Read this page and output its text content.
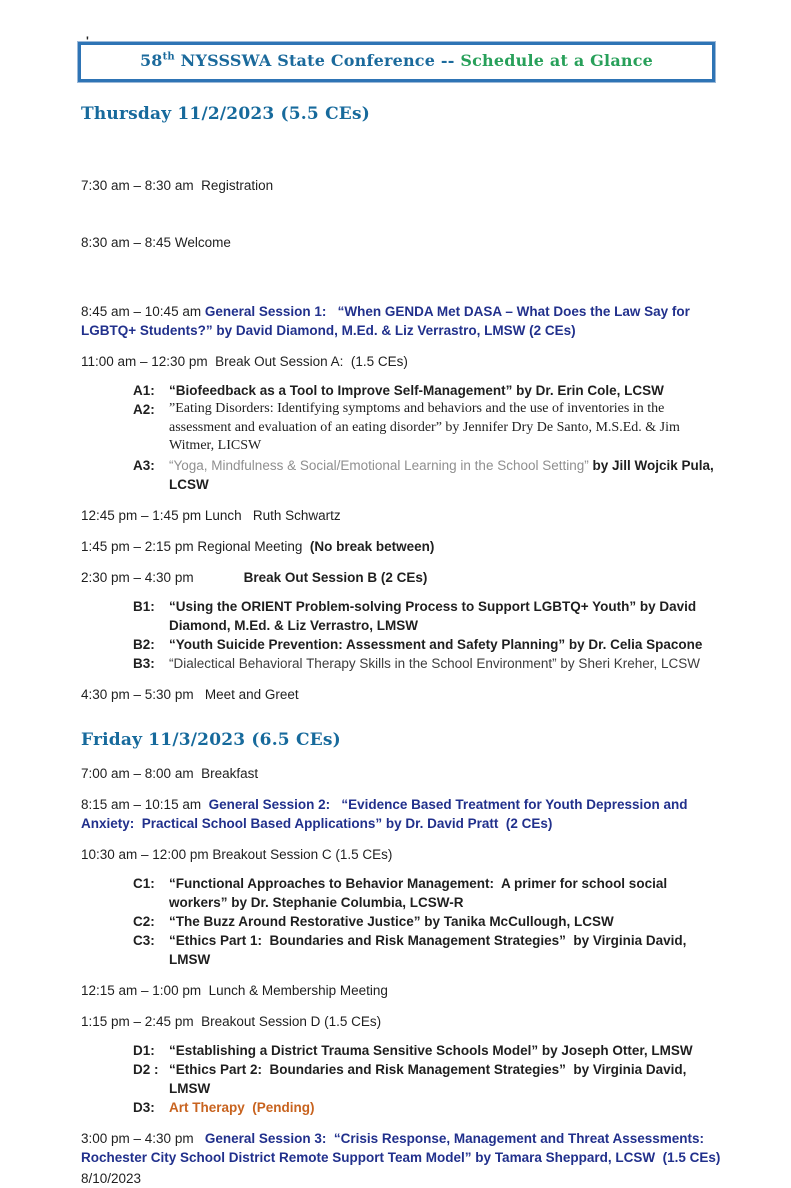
'
58th NYSSSWA State Conference -- Schedule at a Glance
Thursday 11/2/2023 (5.5 CEs)

7:30 am – 8:30 am  Registration

8:30 am – 8:45 Welcome

8:45 am – 10:45 am General Session 1:   “When GENDA Met DASA – What Does the Law Say for LGBTQ+ Students?” by David Diamond, M.Ed. & Liz Verrastro, LMSW (2 CEs)

11:00 am – 12:30 pm  Break Out Session A:  (1.5 CEs)

A1:	“Biofeedback as a Tool to Improve Self-Management” by Dr. Erin Cole, LCSW
A2:	”Eating Disorders: Identifying symptoms and behaviors and the use of inventories in the assessment and evaluation of an eating disorder” by Jennifer Dry De Santo, M.S.Ed. & Jim Witmer, LICSW
A3:	“Yoga, Mindfulness & Social/Emotional Learning in the School Setting” by Jill Wojcik Pula, LCSW

12:45 pm – 1:45 pm Lunch   Ruth Schwartz

1:45 pm – 2:15 pm Regional Meeting  (No break between)

2:30 pm – 4:30 pm	Break Out Session B (2 CEs)

B1:	“Using the ORIENT Problem-solving Process to Support LGBTQ+ Youth” by David Diamond, M.Ed. & Liz Verrastro, LMSW
B2:	“Youth Suicide Prevention: Assessment and Safety Planning” by Dr. Celia Spacone
B3:	“Dialectical Behavioral Therapy Skills in the School Environment” by Sheri Kreher, LCSW

4:30 pm – 5:30 pm   Meet and Greet

Friday 11/3/2023 (6.5 CEs)

7:00 am – 8:00 am  Breakfast

8:15 am – 10:15 am  General Session 2:   “Evidence Based Treatment for Youth Depression and Anxiety:  Practical School Based Applications” by Dr. David Pratt  (2 CEs)

10:30 am – 12:00 pm Breakout Session C (1.5 CEs)

C1:	“Functional Approaches to Behavior Management:  A primer for school social workers” by Dr. Stephanie Columbia, LCSW-R
C2:	“The Buzz Around Restorative Justice” by Tanika McCullough, LCSW
C3:	“Ethics Part 1:  Boundaries and Risk Management Strategies”  by Virginia David, LMSW

12:15 am – 1:00 pm  Lunch & Membership Meeting

1:15 pm – 2:45 pm  Breakout Session D (1.5 CEs)

D1:	“Establishing a District Trauma Sensitive Schools Model” by Joseph Otter, LMSW
D2 : “Ethics Part 2:  Boundaries and Risk Management Strategies”  by Virginia David, LMSW
D3:	Art Therapy  (Pending)

3:00 pm – 4:30 pm   General Session 3:  “Crisis Response, Management and Threat Assessments:  Rochester City School District Remote Support Team Model” by Tamara Sheppard, LCSW  (1.5 CEs)

8/10/2023
